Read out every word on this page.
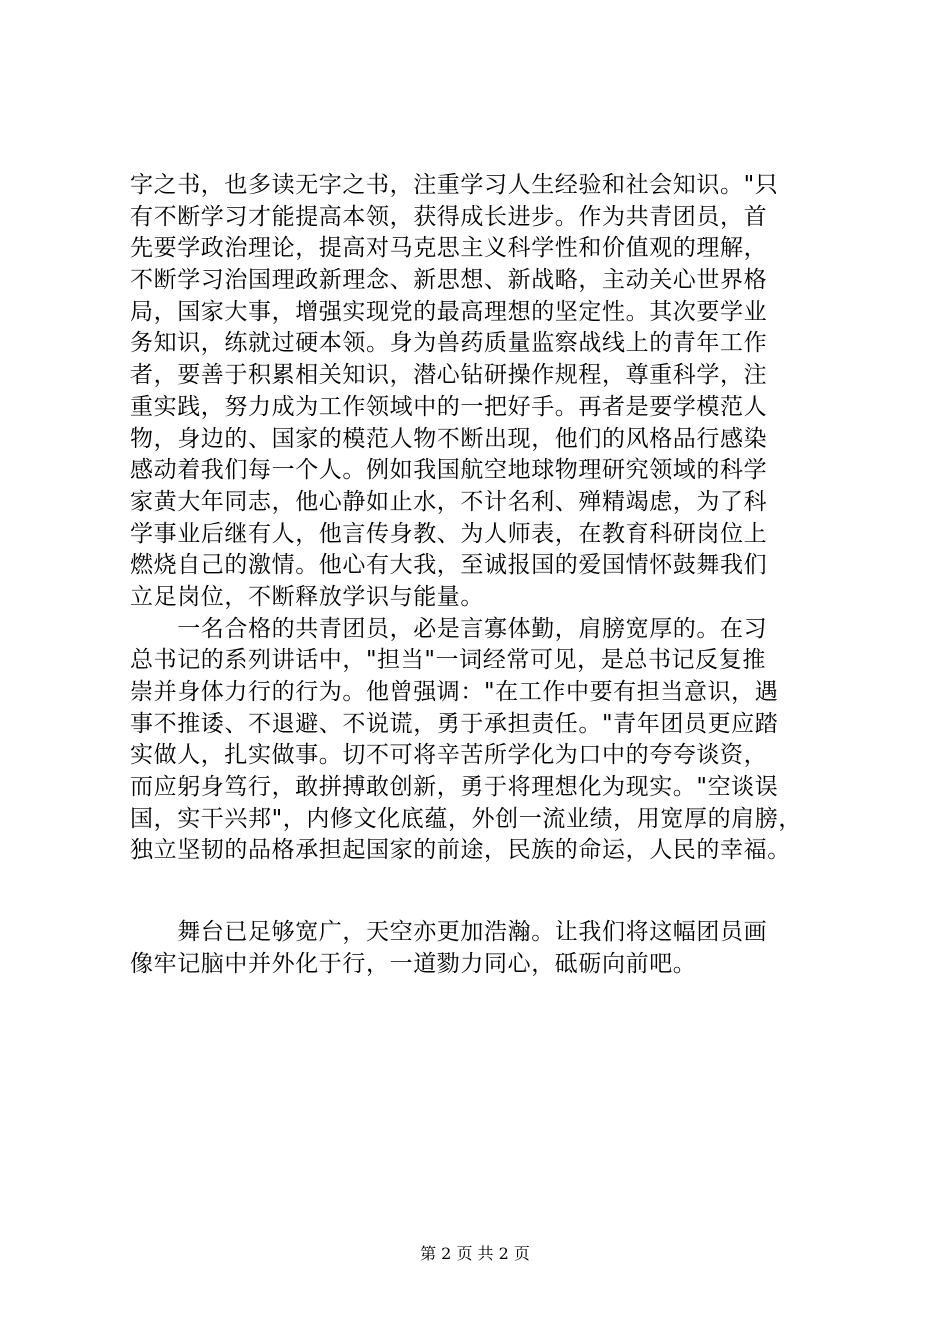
字之书，也多读无字之书，注重学习人生经验和社会知识。"只
有不断学习才能提高本领，获得成长进步。作为共青团员，首
先要学政治理论，提高对马克思主义科学性和价值观的理解，
不断学习治国理政新理念、新思想、新战略，主动关心世界格
局，国家大事，增强实现党的最高理想的坚定性。其次要学业
务知识，练就过硬本领。身为兽药质量监察战线上的青年工作
者，要善于积累相关知识，潜心钻研操作规程，尊重科学，注
重实践，努力成为工作领域中的一把好手。再者是要学模范人
物，身边的、国家的模范人物不断出现，他们的风格品行感染
感动着我们每一个人。例如我国航空地球物理研究领域的科学
家黄大年同志，他心静如止水，不计名利、殚精竭虑，为了科
学事业后继有人，他言传身教、为人师表，在教育科研岗位上
燃烧自己的激情。他心有大我，至诚报国的爱国情怀鼓舞我们
立足岗位，不断释放学识与能量。
　　一名合格的共青团员，必是言寡体勤，肩膀宽厚的。在习
总书记的系列讲话中，"担当"一词经常可见，是总书记反复推
崇并身体力行的行为。他曾强调："在工作中要有担当意识，遇
事不推诿、不退避、不说谎，勇于承担责任。"青年团员更应踏
实做人，扎实做事。切不可将辛苦所学化为口中的夸夸谈资，
而应躬身笃行，敢拼搏敢创新，勇于将理想化为现实。"空谈误
国，实干兴邦"，内修文化底蕴，外创一流业绩，用宽厚的肩膀，
独立坚韧的品格承担起国家的前途，民族的命运，人民的幸福。
　　舞台已足够宽广，天空亦更加浩瀚。让我们将这幅团员画
像牢记脑中并外化于行，一道勠力同心，砥砺向前吧。
第 2 页 共 2 页
